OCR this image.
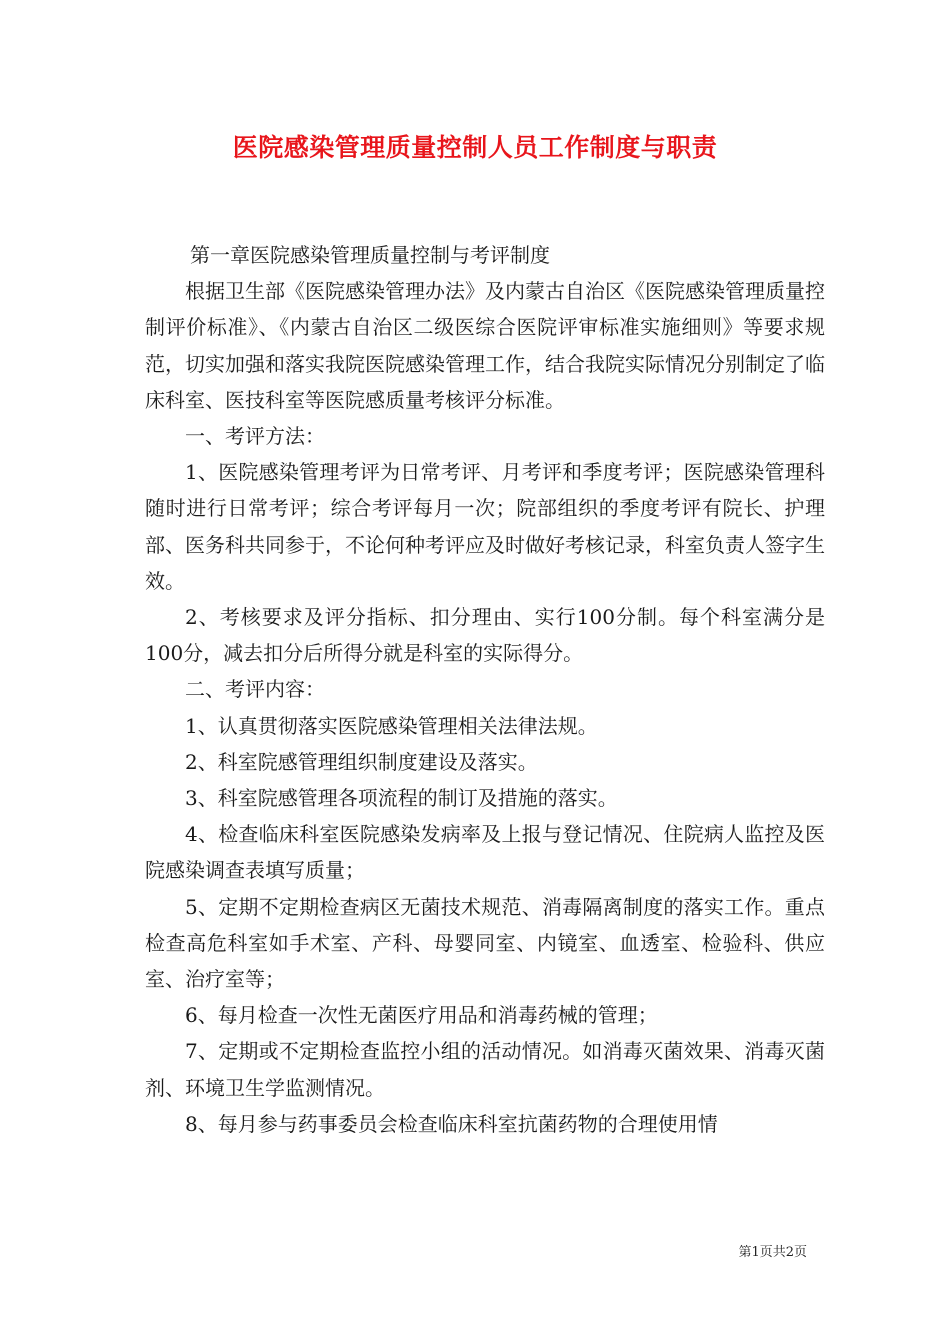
医院感染管理质量控制人员工作制度与职责

第一章医院感染管理质量控制与考评制度

根据卫生部《医院感染管理办法》及内蒙古自治区《医院感染管理质量控制评价标准》、《内蒙古自治区二级医综合医院评审标准实施细则》等要求规范，切实加强和落实我院医院感染管理工作，结合我院实际情况分别制定了临床科室、医技科室等医院感质量考核评分标准。

一、考评方法：

1、医院感染管理考评为日常考评、月考评和季度考评；医院感染管理科随时进行日常考评；综合考评每月一次；院部组织的季度考评有院长、护理部、医务科共同参于，不论何种考评应及时做好考核记录，科室负责人签字生效。

2、考核要求及评分指标、扣分理由、实行100分制。每个科室满分是100分，减去扣分后所得分就是科室的实际得分。

二、考评内容：

1、认真贯彻落实医院感染管理相关法律法规。

2、科室院感管理组织制度建设及落实。

3、科室院感管理各项流程的制订及措施的落实。

4、检查临床科室医院感染发病率及上报与登记情况、住院病人监控及医院感染调查表填写质量；

5、定期不定期检查病区无菌技术规范、消毒隔离制度的落实工作。重点检查高危科室如手术室、产科、母婴同室、内镜室、血透室、检验科、供应室、治疗室等；

6、每月检查一次性无菌医疗用品和消毒药械的管理；

7、定期或不定期检查监控小组的活动情况。如消毒灭菌效果、消毒灭菌剂、环境卫生学监测情况。

8、每月参与药事委员会检查临床科室抗菌药物的合理使用情

第1页共2页
